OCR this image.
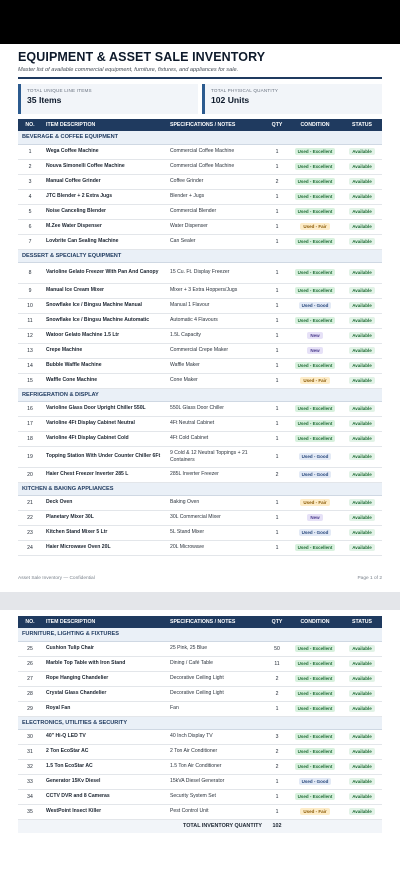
EQUIPMENT & ASSET SALE INVENTORY
Master list of available commercial equipment, furniture, fixtures, and appliances for sale.
TOTAL UNIQUE LINE ITEMS
35 Items
TOTAL PHYSICAL QUANTITY
102 Units
NO.	ITEM DESCRIPTION	SPECIFICATIONS / NOTES	QTY	CONDITION	STATUS
BEVERAGE & COFFEE EQUIPMENT					
1	Wega Coffee Machine	Commercial Coffee Machine	1	Used - Excellent	Available
2	Nouva Simonelli Coffee Machine	Commercial Coffee Machine	1	Used - Excellent	Available
3	Manual Coffee Grinder	Coffee Grinder	2	Used - Excellent	Available
4	JTC Blender + 2 Extra Jugs	Blender + Jugs	1	Used - Excellent	Available
5	Noise Canceling Blender	Commercial Blender	1	Used - Excellent	Available
6	M.Zee Water Dispenser	Water Dispenser	1	Used - Fair	Available
7	Lovbrite Can Sealing Machine	Can Sealer	1	Used - Excellent	Available
DESSERT & SPECIALTY EQUIPMENT					
8	Varioline Gelato Freezer With Pan And Canopy	15 Cu. Ft. Display Freezer	1	Used - Excellent	Available
9	Manual Ice Cream Mixer	Mixer + 3 Extra Hoppers/Jugs	1	Used - Excellent	Available
10	Snowflake Ice / Bingsu Machine Manual	Manual 1 Flavour	1	Used - Good	Available
11	Snowflake Ice / Bingsu Machine Automatic	Automatic 4 Flavours	1	Used - Excellent	Available
12	Watoor Gelato Machine 1.5 Ltr	1.5L Capacity	1	New	Available
13	Crepe Machine	Commercial Crepe Maker	1	New	Available
14	Bubble Waffle Machine	Waffle Maker	1	Used - Excellent	Available
15	Waffle Cone Machine	Cone Maker	1	Used - Fair	Available
REFRIGERATION & DISPLAY					
16	Varioline Glass Door Upright Chiller 550L	550L Glass Door Chiller	1	Used - Excellent	Available
17	Varioline 4Ft Display Cabinet Neutral	4Ft Neutral Cabinet	1	Used - Excellent	Available
18	Varioline 4Ft Display Cabinet Cold	4Ft Cold Cabinet	1	Used - Excellent	Available
19	Topping Station With Under Counter Chiller 6Ft	9 Cold & 12 Neutral Toppings + 21 Containers	1	Used - Good	Available
20	Haier Chest Freezer Inverter 285 L	285L Inverter Freezer	2	Used - Good	Available
KITCHEN & BAKING APPLIANCES					
21	Deck Oven	Baking Oven	1	Used - Fair	Available
22	Planetary Mixer 30L	30L Commercial Mixer	1	New	Available
23	Kitchen Stand Mixer 5 Ltr	5L Stand Mixer	1	Used - Good	Available
24	Haier Microwave Oven 20L	20L Microwave	1	Used - Excellent	Available
Asset Sale Inventory — Confidential	Page 1 of 2
NO.	ITEM DESCRIPTION	SPECIFICATIONS / NOTES	QTY	CONDITION	STATUS
FURNITURE, LIGHTING & FIXTURES					
25	Cushion Tulip Chair	25 Pink, 25 Blue	50	Used - Excellent	Available
26	Marble Top Table with Iron Stand	Dining / Café Table	11	Used - Excellent	Available
27	Rope Hanging Chandelier	Decorative Ceiling Light	2	Used - Excellent	Available
28	Crystal Glass Chandelier	Decorative Ceiling Light	2	Used - Excellent	Available
29	Royal Fan	Fan	1	Used - Excellent	Available
ELECTRONICS, UTILITIES & SECURITY					
30	40" Hi-Q LED TV	40 Inch Display TV	3	Used - Excellent	Available
31	2 Ton EcoStar AC	2 Ton Air Conditioner	2	Used - Excellent	Available
32	1.5 Ton EcoStar AC	1.5 Ton Air Conditioner	2	Used - Excellent	Available
33	Generator 15Kv Diesel	15kVA Diesel Generator	1	Used - Good	Available
34	CCTV DVR and 8 Cameras	Security System Set	1	Used - Excellent	Available
35	WestPoint Insect Killer	Pest Control Unit	1	Used - Fair	Available
		TOTAL INVENTORY QUANTITY	102		
